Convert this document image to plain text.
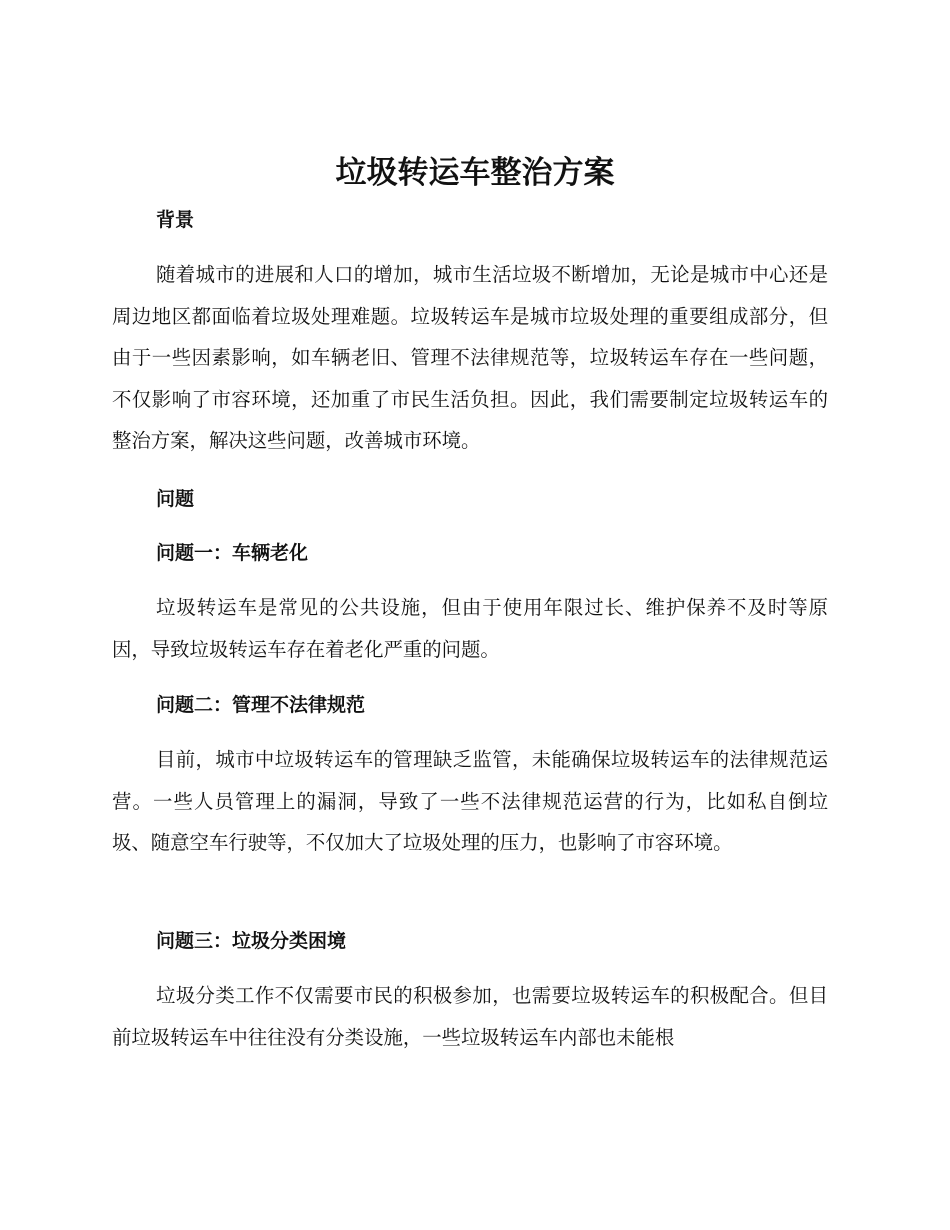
垃圾转运车整治方案
背景

随着城市的进展和人口的增加，城市生活垃圾不断增加，无论是城市中心还是周边地区都面临着垃圾处理难题。垃圾转运车是城市垃圾处理的重要组成部分，但由于一些因素影响，如车辆老旧、管理不法律规范等，垃圾转运车存在一些问题，不仅影响了市容环境，还加重了市民生活负担。因此，我们需要制定垃圾转运车的整治方案，解决这些问题，改善城市环境。

问题
问题一：车辆老化

垃圾转运车是常见的公共设施，但由于使用年限过长、维护保养不及时等原因，导致垃圾转运车存在着老化严重的问题。

问题二：管理不法律规范

目前，城市中垃圾转运车的管理缺乏监管，未能确保垃圾转运车的法律规范运营。一些人员管理上的漏洞，导致了一些不法律规范运营的行为，比如私自倒垃圾、随意空车行驶等，不仅加大了垃圾处理的压力，也影响了市容环境。

问题三：垃圾分类困境

垃圾分类工作不仅需要市民的积极参加，也需要垃圾转运车的积极配合。但目前垃圾转运车中往往没有分类设施，一些垃圾转运车内部也未能根
